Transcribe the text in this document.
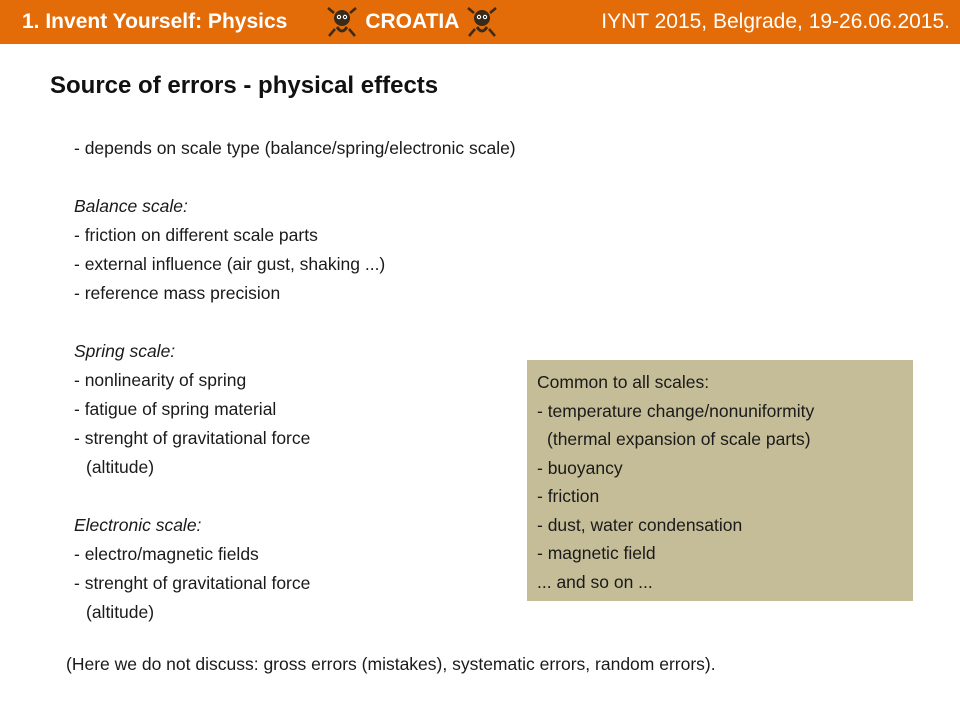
1. Invent Yourself: Physics	CROATIA	IYNT 2015, Belgrade, 19-26.06.2015.
Source of errors - physical effects
- depends on scale type (balance/spring/electronic scale)
Balance scale:
- friction on different scale parts
- external influence (air gust, shaking ...)
- reference mass precision
Spring scale:
- nonlinearity of spring
- fatigue of spring material
- strenght of gravitational force
(altitude)
Electronic scale:
- electro/magnetic fields
- strenght of gravitational force
(altitude)
Common to all scales:
- temperature change/nonuniformity
(thermal expansion of scale parts)
- buoyancy
- friction
- dust, water condensation
- magnetic field
... and so on ...
(Here we do not discuss: gross errors (mistakes), systematic errors, random errors).
